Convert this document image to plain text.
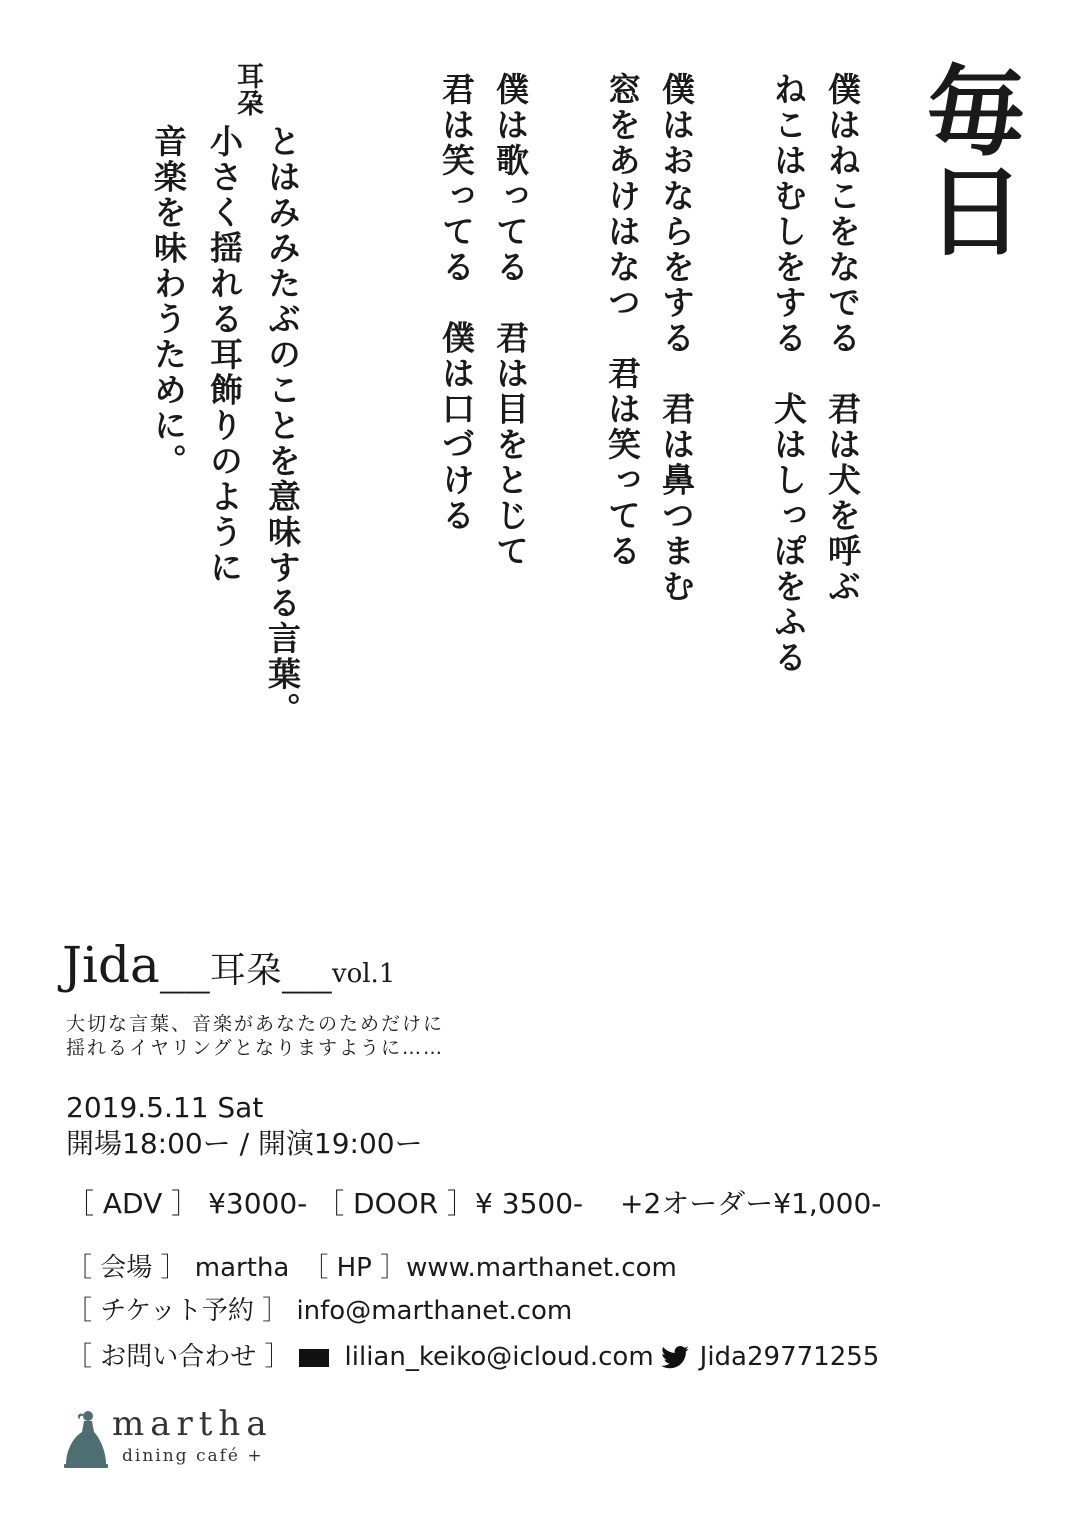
毎日
僕はねこをなでる　君は犬を呼ぶ
ねこはむしをする　犬はしっぽをふる
僕はおならをする　君は鼻つまむ
窓をあけはなつ　君は笑ってる
僕は歌ってる　君は目をとじて
君は笑ってる　僕は口づける
耳朶
とはみみたぶのことを意味する言葉。
小さく揺れる耳飾りのように
音楽を味わうために。
Jida__耳朶__vol.1
大切な言葉、音楽があなたのためだけに
揺れるイヤリングとなりますように……
2019.5.11 Sat
開場18:00ー / 開演19:00ー
［ ADV ］ ¥3000- ［ DOOR ］¥ 3500-　 +2オーダー¥1,000-
［ 会場 ］ martha　［ HP ］www.marthanet.com
［ チケット予約 ］ info@marthanet.com
［ お問い合わせ ］ lilian_keiko@icloud.com Jida29771255
martha
dining café +
